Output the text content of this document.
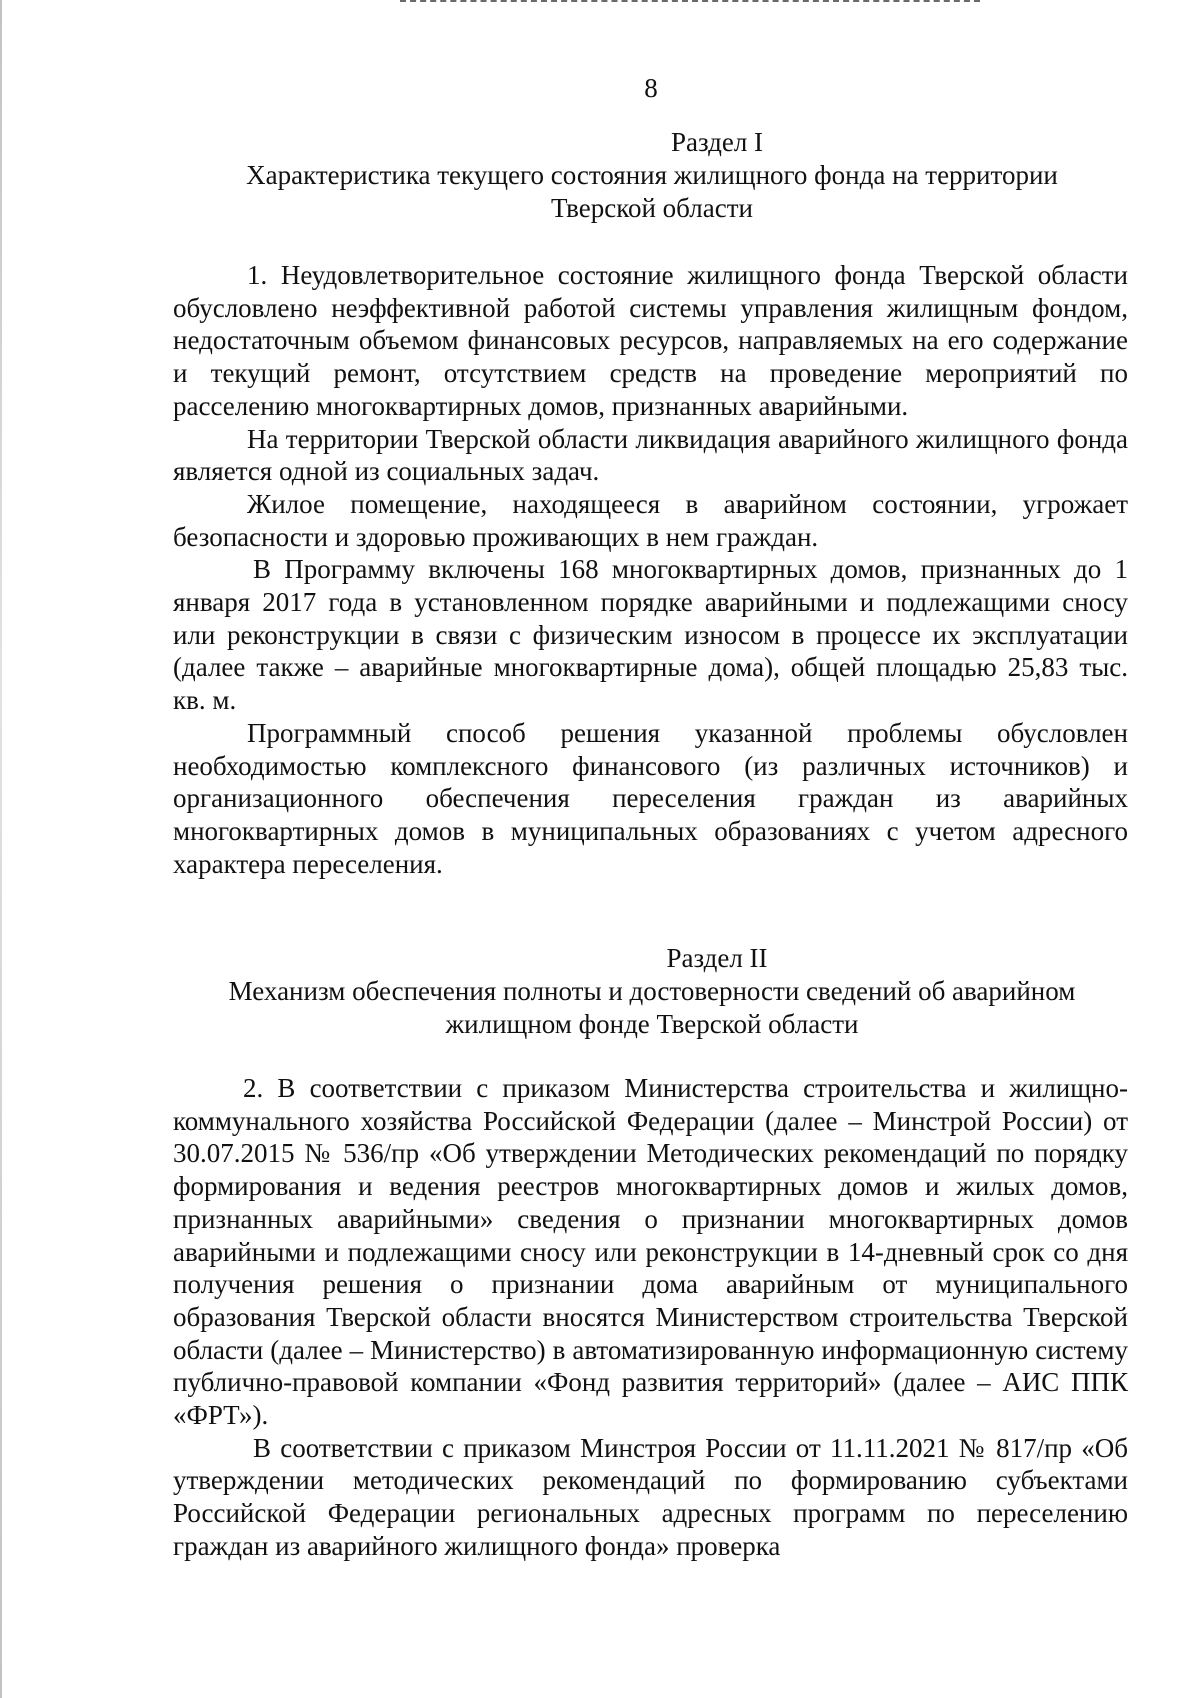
8
Раздел I
Характеристика текущего состояния жилищного фонда на территории
Тверской области

1. Неудовлетворительное состояние жилищного фонда Тверской области обусловлено неэффективной работой системы управления жилищным фондом, недостаточным объемом финансовых ресурсов, направляемых на его содержание и текущий ремонт, отсутствием средств на проведение мероприятий по расселению многоквартирных домов, признанных аварийными.

На территории Тверской области ликвидация аварийного жилищного фонда является одной из социальных задач.

Жилое помещение, находящееся в аварийном состоянии, угрожает безопасности и здоровью проживающих в нем граждан.

В Программу включены 168 многоквартирных домов, признанных до 1 января 2017 года в установленном порядке аварийными и подлежащими сносу или реконструкции в связи с физическим износом в процессе их эксплуатации (далее также – аварийные многоквартирные дома), общей площадью 25,83 тыс. кв. м.

Программный способ решения указанной проблемы обусловлен необходимостью комплексного финансового (из различных источников) и организационного обеспечения переселения граждан из аварийных многоквартирных домов в муниципальных образованиях с учетом адресного характера переселения.

Раздел II
Механизм обеспечения полноты и достоверности сведений об аварийном
жилищном фонде Тверской области

2. В соответствии с приказом Министерства строительства и жилищно-коммунального хозяйства Российской Федерации (далее – Минстрой России) от 30.07.2015 № 536/пр «Об утверждении Методических рекомендаций по порядку формирования и ведения реестров многоквартирных домов и жилых домов, признанных аварийными» сведения о признании многоквартирных домов аварийными и подлежащими сносу или реконструкции в 14-дневный срок со дня получения решения о признании дома аварийным от муниципального образования Тверской области вносятся Министерством строительства Тверской области (далее – Министерство) в автоматизированную информационную систему публично-правовой компании «Фонд развития территорий» (далее – АИС ППК «ФРТ»).

В соответствии с приказом Минстроя России от 11.11.2021 № 817/пр «Об утверждении методических рекомендаций по формированию субъектами Российской Федерации региональных адресных программ по переселению граждан из аварийного жилищного фонда» проверка
